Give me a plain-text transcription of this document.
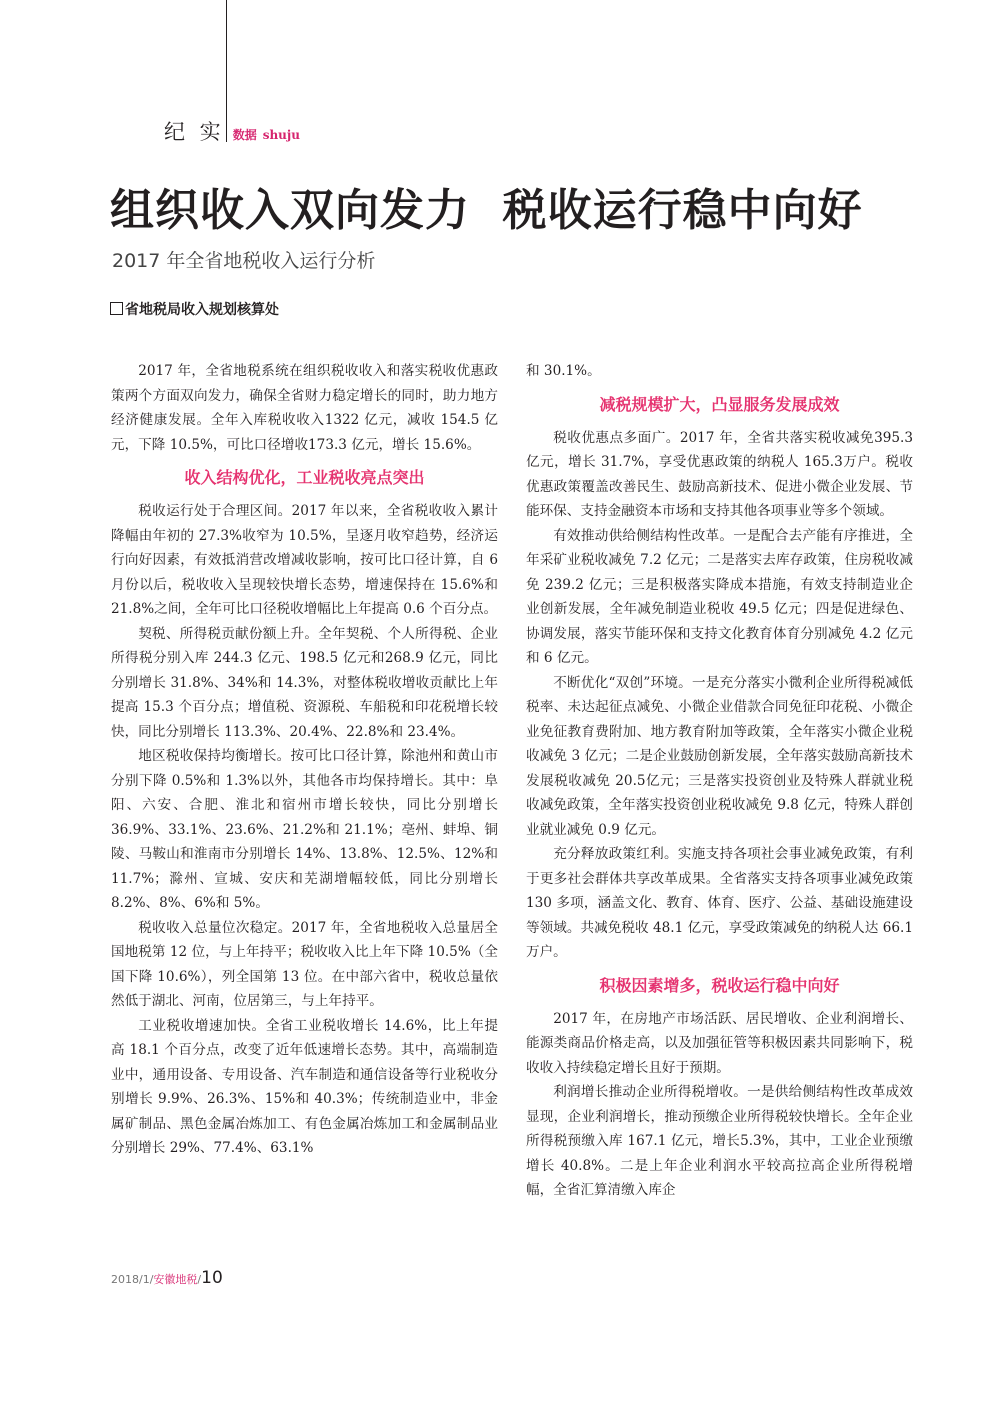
纪 实 数据 shuju
组织收入双向发力  税收运行稳中向好

2017 年全省地税收入运行分析

省地税局收入规划核算处

2017 年，全省地税系统在组织税收收入和落实税收优惠政策两个方面双向发力，确保全省财力稳定增长的同时，助力地方经济健康发展。全年入库税收收入1322 亿元，减收 154.5 亿元，下降 10.5%，可比口径增收173.3 亿元，增长 15.6%。

收入结构优化，工业税收亮点突出

税收运行处于合理区间。2017 年以来，全省税收收入累计降幅由年初的 27.3%收窄为 10.5%，呈逐月收窄趋势，经济运行向好因素，有效抵消营改增减收影响，按可比口径计算，自 6 月份以后，税收收入呈现较快增长态势，增速保持在 15.6%和 21.8%之间，全年可比口径税收增幅比上年提高 0.6 个百分点。

契税、所得税贡献份额上升。全年契税、个人所得税、企业所得税分别入库 244.3 亿元、198.5 亿元和268.9 亿元，同比分别增长 31.8%、34%和 14.3%，对整体税收增收贡献比上年提高 15.3 个百分点；增值税、资源税、车船税和印花税增长较快，同比分别增长 113.3%、20.4%、22.8%和 23.4%。

地区税收保持均衡增长。按可比口径计算，除池州和黄山市分别下降 0.5%和 1.3%以外，其他各市均保持增长。其中：阜阳、六安、合肥、淮北和宿州市增长较快，同比分别增长 36.9%、33.1%、23.6%、21.2%和 21.1%；亳州、蚌埠、铜陵、马鞍山和淮南市分别增长 14%、13.8%、12.5%、12%和 11.7%；滁州、宣城、安庆和芜湖增幅较低，同比分别增长 8.2%、8%、6%和 5%。

税收收入总量位次稳定。2017 年，全省地税收入总量居全国地税第 12 位，与上年持平；税收收入比上年下降 10.5%（全国下降 10.6%），列全国第 13 位。在中部六省中，税收总量依然低于湖北、河南，位居第三，与上年持平。

工业税收增速加快。全省工业税收增长 14.6%，比上年提高 18.1 个百分点，改变了近年低速增长态势。其中，高端制造业中，通用设备、专用设备、汽车制造和通信设备等行业税收分别增长 9.9%、26.3%、15%和 40.3%；传统制造业中，非金属矿制品、黑色金属冶炼加工、有色金属冶炼加工和金属制品业分别增长 29%、77.4%、63.1%

和 30.1%。

减税规模扩大，凸显服务发展成效

税收优惠点多面广。2017 年，全省共落实税收减免395.3 亿元，增长 31.7%，享受优惠政策的纳税人 165.3万户。税收优惠政策覆盖改善民生、鼓励高新技术、促进小微企业发展、节能环保、支持金融资本市场和支持其他各项事业等多个领域。

有效推动供给侧结构性改革。一是配合去产能有序推进，全年采矿业税收减免 7.2 亿元；二是落实去库存政策，住房税收减免 239.2 亿元；三是积极落实降成本措施，有效支持制造业企业创新发展，全年减免制造业税收 49.5 亿元；四是促进绿色、协调发展，落实节能环保和支持文化教育体育分别减免 4.2 亿元和 6 亿元。

不断优化“双创”环境。一是充分落实小微利企业所得税减低税率、未达起征点减免、小微企业借款合同免征印花税、小微企业免征教育费附加、地方教育附加等政策，全年落实小微企业税收减免 3 亿元；二是企业鼓励创新发展，全年落实鼓励高新技术发展税收减免 20.5亿元；三是落实投资创业及特殊人群就业税收减免政策，全年落实投资创业税收减免 9.8 亿元，特殊人群创业就业减免 0.9 亿元。

充分释放政策红利。实施支持各项社会事业减免政策，有利于更多社会群体共享改革成果。全省落实支持各项事业减免政策 130 多项，涵盖文化、教育、体育、医疗、公益、基础设施建设等领域。共减免税收 48.1 亿元，享受政策减免的纳税人达 66.1 万户。

积极因素增多，税收运行稳中向好

2017 年，在房地产市场活跃、居民增收、企业利润增长、能源类商品价格走高，以及加强征管等积极因素共同影响下，税收收入持续稳定增长且好于预期。

利润增长推动企业所得税增收。一是供给侧结构性改革成效显现，企业利润增长，推动预缴企业所得税较快增长。全年企业所得税预缴入库 167.1 亿元，增长5.3%，其中，工业企业预缴增长 40.8%。二是上年企业利润水平较高拉高企业所得税增幅，全省汇算清缴入库企

2018/1/安徽地税/10
